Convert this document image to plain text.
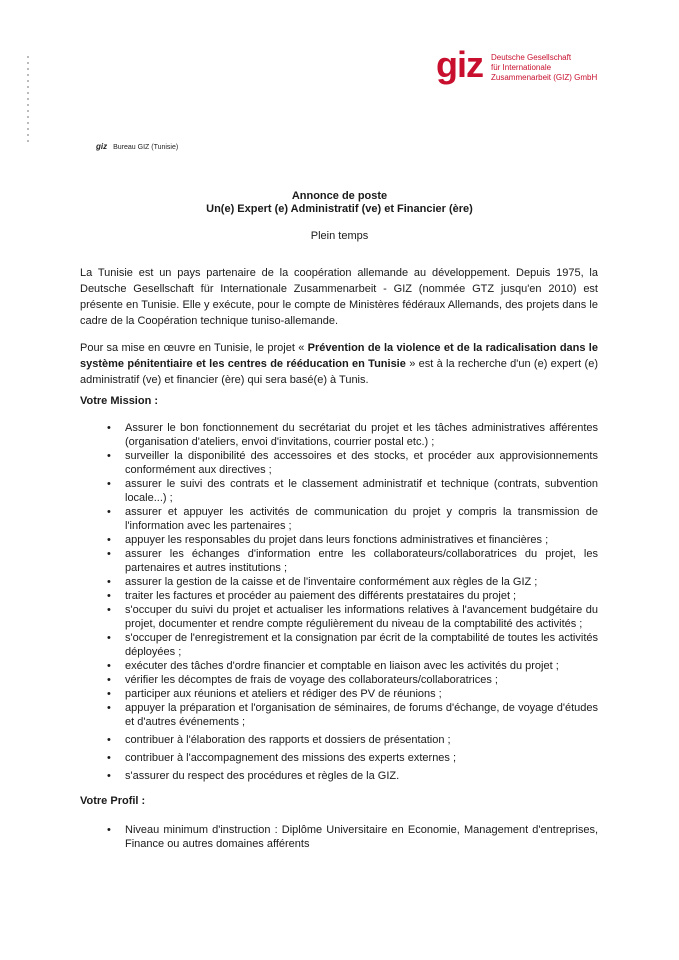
giz Deutsche Gesellschaft
für Internationale
Zusammenarbeit (GIZ) GmbH
giz Bureau GIZ (Tunisie)
Annonce de poste
Un(e) Expert (e) Administratif (ve) et Financier (ère)
Plein temps
La Tunisie est un pays partenaire de la coopération allemande au développement. Depuis 1975, la Deutsche Gesellschaft für Internationale Zusammenarbeit - GIZ (nommée GTZ jusqu'en 2010) est présente en Tunisie. Elle y exécute, pour le compte de Ministères fédéraux Allemands, des projets dans le cadre de la Coopération technique tuniso-allemande.
Pour sa mise en œuvre en Tunisie, le projet « Prévention de la violence et de la radicalisation dans le système pénitentiaire et les centres de rééducation en Tunisie » est à la recherche d'un (e) expert (e) administratif (ve) et financier (ère) qui sera basé(e) à Tunis.
Votre Mission :
• Assurer le bon fonctionnement du secrétariat du projet et les tâches administratives afférentes (organisation d'ateliers, envoi d'invitations, courrier postal etc.) ;
• surveiller la disponibilité des accessoires et des stocks, et procéder aux approvisionnements conformément aux directives ;
• assurer le suivi des contrats et le classement administratif et technique (contrats, subvention locale...) ;
• assurer et appuyer les activités de communication du projet y compris la transmission de l'information avec les partenaires ;
• appuyer les responsables du projet dans leurs fonctions administratives et financières ;
• assurer les échanges d'information entre les collaborateurs/collaboratrices du projet, les partenaires et autres institutions ;
• assurer la gestion de la caisse et de l'inventaire conformément aux règles de la GIZ ;
• traiter les factures et procéder au paiement des différents prestataires du projet ;
• s'occuper du suivi du projet et actualiser les informations relatives à l'avancement budgétaire du projet, documenter et rendre compte régulièrement du niveau de la comptabilité des activités ;
• s'occuper de l'enregistrement et la consignation par écrit de la comptabilité de toutes les activités déployées ;
• exécuter des tâches d'ordre financier et comptable en liaison avec les activités du projet ;
• vérifier les décomptes de frais de voyage des collaborateurs/collaboratrices ;
• participer aux réunions et ateliers et rédiger des PV de réunions ;
• appuyer la préparation et l'organisation de séminaires, de forums d'échange, de voyage d'études et d'autres événements ;
• contribuer à l'élaboration des rapports et dossiers de présentation ;
• contribuer à l'accompagnement des missions des experts externes ;
• s'assurer du respect des procédures et règles de la GIZ.
Votre Profil :
• Niveau minimum d'instruction : Diplôme Universitaire en Economie, Management d'entreprises, Finance ou autres domaines afférents
